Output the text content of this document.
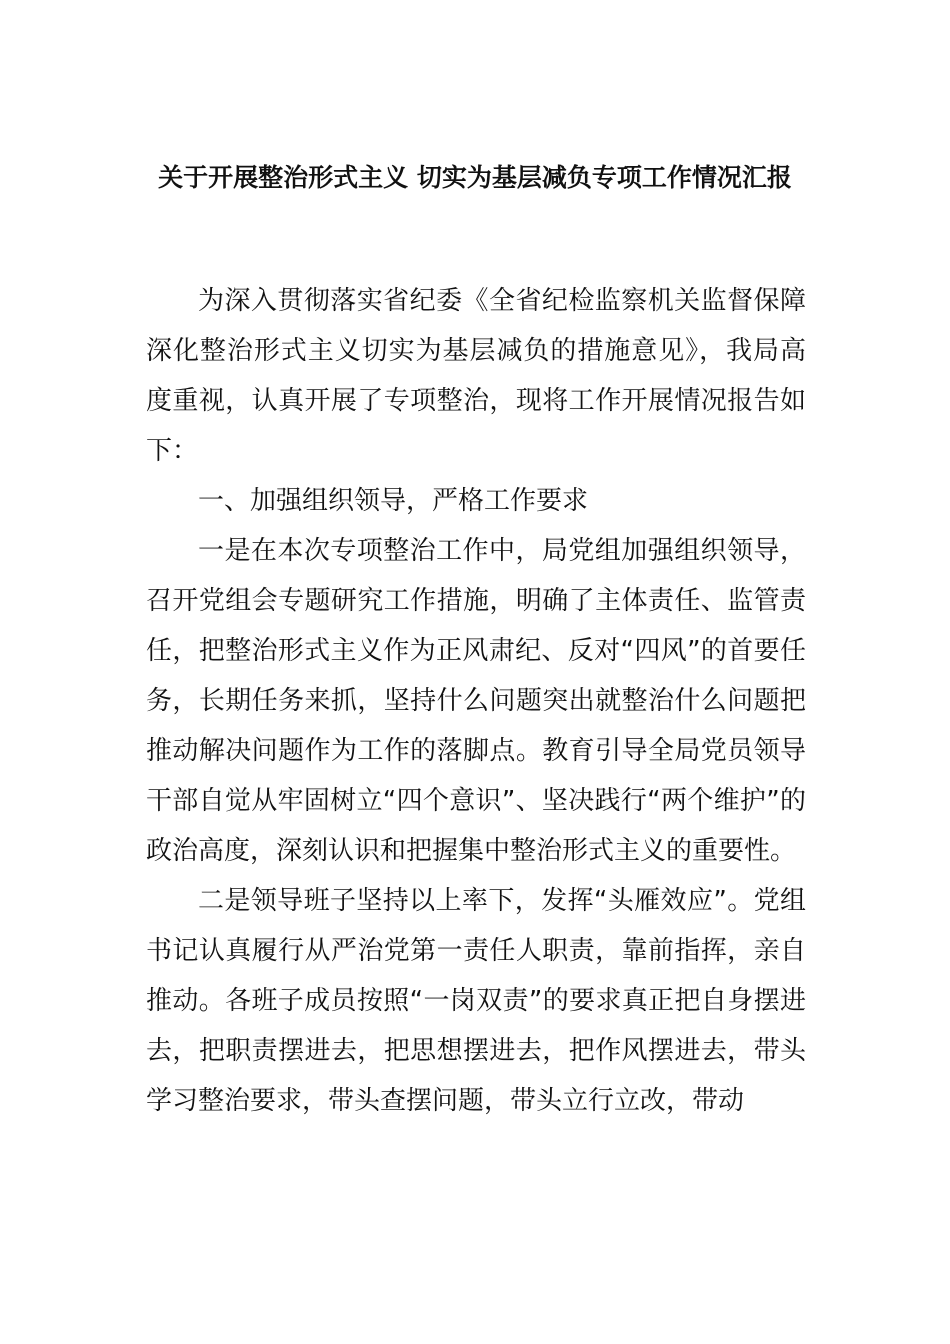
关于开展整治形式主义 切实为基层减负专项工作情况汇报

为深入贯彻落实省纪委《全省纪检监察机关监督保障深化整治形式主义切实为基层减负的措施意见》，我局高度重视，认真开展了专项整治，现将工作开展情况报告如下：

一、加强组织领导，严格工作要求

一是在本次专项整治工作中，局党组加强组织领导，召开党组会专题研究工作措施，明确了主体责任、监管责任，把整治形式主义作为正风肃纪、反对“四风”的首要任务，长期任务来抓，坚持什么问题突出就整治什么问题把推动解决问题作为工作的落脚点。教育引导全局党员领导干部自觉从牢固树立“四个意识”、坚决践行“两个维护”的政治高度，深刻认识和把握集中整治形式主义的重要性。

二是领导班子坚持以上率下，发挥“头雁效应”。党组书记认真履行从严治党第一责任人职责，靠前指挥，亲自推动。各班子成员按照“一岗双责”的要求真正把自身摆进去，把职责摆进去，把思想摆进去，把作风摆进去，带头学习整治要求，带头查摆问题，带头立行立改，带动
